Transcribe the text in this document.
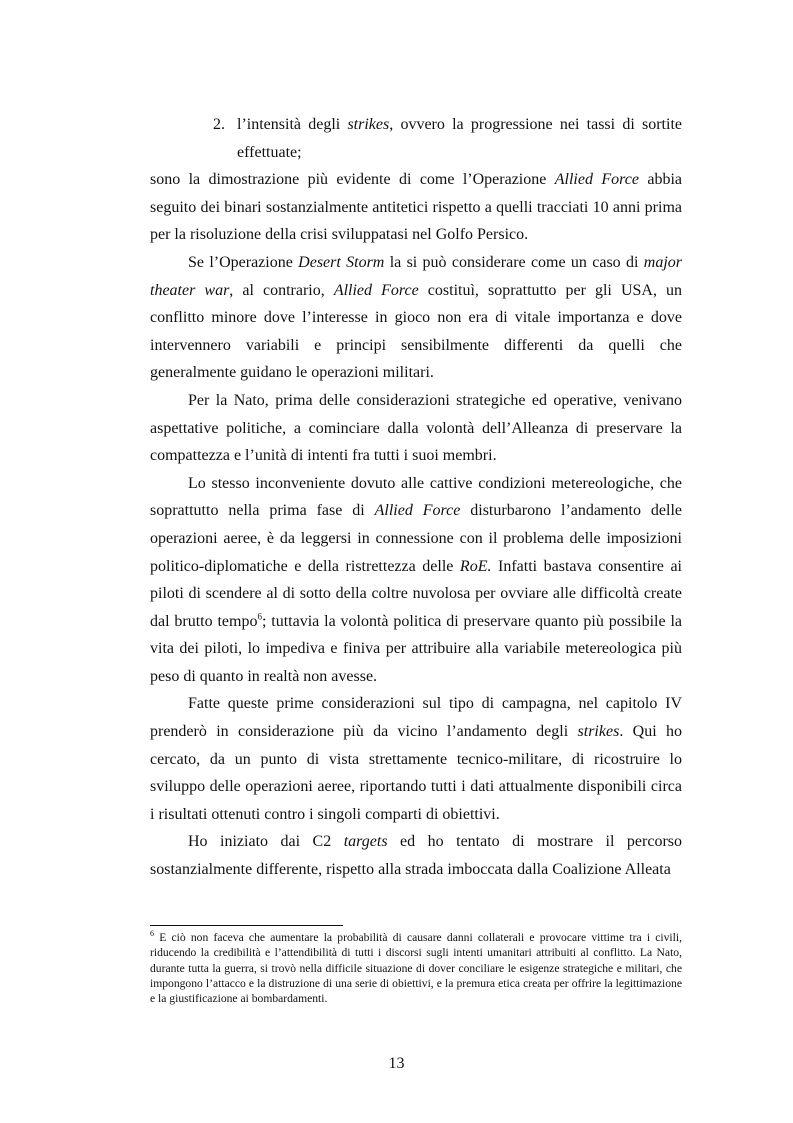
2. l’intensità degli strikes, ovvero la progressione nei tassi di sortite effettuate;

sono la dimostrazione più evidente di come l’Operazione Allied Force abbia seguito dei binari sostanzialmente antitetici rispetto a quelli tracciati 10 anni prima per la risoluzione della crisi sviluppatasi nel Golfo Persico.

Se l’Operazione Desert Storm la si può considerare come un caso di major theater war, al contrario, Allied Force costituì, soprattutto per gli USA, un conflitto minore dove l’interesse in gioco non era di vitale importanza e dove intervennero variabili e principi sensibilmente differenti da quelli che generalmente guidano le operazioni militari.

Per la Nato, prima delle considerazioni strategiche ed operative, venivano aspettative politiche, a cominciare dalla volontà dell’Alleanza di preservare la compattezza e l’unità di intenti fra tutti i suoi membri.

Lo stesso inconveniente dovuto alle cattive condizioni metereologiche, che soprattutto nella prima fase di Allied Force disturbarono l’andamento delle operazioni aeree, è da leggersi in connessione con il problema delle imposizioni politico-diplomatiche e della ristrettezza delle RoE. Infatti bastava consentire ai piloti di scendere al di sotto della coltre nuvolosa per ovviare alle difficoltà create dal brutto tempo$^6$; tuttavia la volontà politica di preservare quanto più possibile la vita dei piloti, lo impediva e finiva per attribuire alla variabile metereologica più peso di quanto in realtà non avesse.

Fatte queste prime considerazioni sul tipo di campagna, nel capitolo IV prenderò in considerazione più da vicino l’andamento degli strikes. Qui ho cercato, da un punto di vista strettamente tecnico-militare, di ricostruire lo sviluppo delle operazioni aeree, riportando tutti i dati attualmente disponibili circa i risultati ottenuti contro i singoli comparti di obiettivi.

Ho iniziato dai C2 targets ed ho tentato di mostrare il percorso sostanzialmente differente, rispetto alla strada imboccata dalla Coalizione Alleata

$^6$ E ciò non faceva che aumentare la probabilità di causare danni collaterali e provocare vittime tra i civili, riducendo la credibilità e l’attendibilità di tutti i discorsi sugli intenti umanitari attribuiti al conflitto. La Nato, durante tutta la guerra, si trovò nella difficile situazione di dover conciliare le esigenze strategiche e militari, che impongono l’attacco e la distruzione di una serie di obiettivi, e la premura etica creata per offrire la legittimazione e la giustificazione ai bombardamenti.
13
